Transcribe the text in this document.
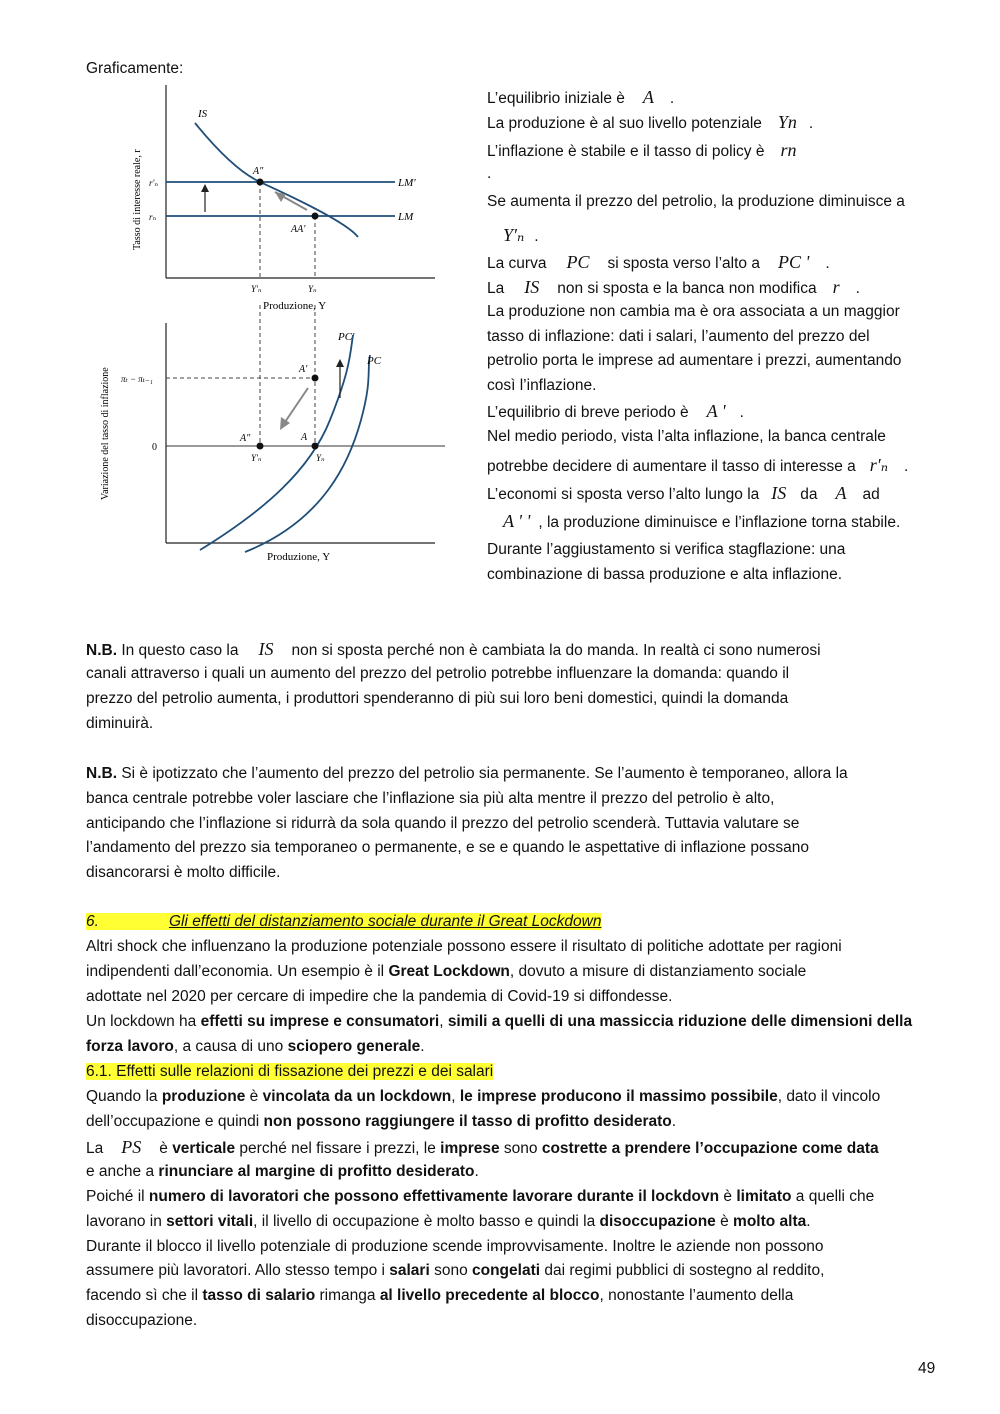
Graficamente:
Tasso di interesse reale, r	LM'
LM
IS
A"
AA'
r'ₙ
rₙ
Y'ₙ	Yₙ
Produzione, Y
Variazione del tasso di inflazione
PC'
PC
A'
A"	A
πₜ − πₜ₋₁
0
Y'ₙ	Yₙ
Produzione, Y
L’equilibrio iniziale è A .
La produzione è al suo livello potenziale Yn .
L’inflazione è stabile e il tasso di policy è rn
.
Se aumenta il prezzo del petrolio, la produzione diminuisce a
Y′ₙ .
La curva PC si sposta verso l’alto a PC ' .
La IS non si sposta e la banca non modifica r .
La produzione non cambia ma è ora associata a un maggior
tasso di inflazione: dati i salari, l’aumento del prezzo del
petrolio porta le imprese ad aumentare i prezzi, aumentando
così l’inflazione.
L’equilibrio di breve periodo è A ' .
Nel medio periodo, vista l’alta inflazione, la banca centrale
potrebbe decidere di aumentare il tasso di interesse a r′ₙ .
L’economi si sposta verso l’alto lungo la IS da A ad
A ' ' , la produzione diminuisce e l’inflazione torna stabile.
Durante l’aggiustamento si verifica stagflazione: una
combinazione di bassa produzione e alta inflazione.
N.B. In questo caso la IS non si sposta perché non è cambiata la do manda. In realtà ci sono numerosi
canali attraverso i quali un aumento del prezzo del petrolio potrebbe influenzare la domanda: quando il
prezzo del petrolio aumenta, i produttori spenderanno di più sui loro beni domestici, quindi la domanda
diminuirà.
N.B. Si è ipotizzato che l’aumento del prezzo del petrolio sia permanente. Se l’aumento è temporaneo, allora la
banca centrale potrebbe voler lasciare che l’inflazione sia più alta mentre il prezzo del petrolio è alto,
anticipando che l’inflazione si ridurrà da sola quando il prezzo del petrolio scenderà. Tuttavia valutare se
l’andamento del prezzo sia temporaneo o permanente, e se e quando le aspettative di inflazione possano
disancorarsi è molto difficile.
6.	Gli effetti del distanziamento sociale durante il Great Lockdown
Altri shock che influenzano la produzione potenziale possono essere il risultato di politiche adottate per ragioni
indipendenti dall’economia. Un esempio è il Great Lockdown, dovuto a misure di distanziamento sociale
adottate nel 2020 per cercare di impedire che la pandemia di Covid-19 si diffondesse.
Un lockdown ha effetti su imprese e consumatori, simili a quelli di una massiccia riduzione delle dimensioni della
forza lavoro, a causa di uno sciopero generale.
6.1. Effetti sulle relazioni di fissazione dei prezzi e dei salari
Quando la produzione è vincolata da un lockdown, le imprese producono il massimo possibile, dato il vincolo
dell’occupazione e quindi non possono raggiungere il tasso di profitto desiderato.
La PS è verticale perché nel fissare i prezzi, le imprese sono costrette a prendere l’occupazione come data
e anche a rinunciare al margine di profitto desiderato.
Poiché il numero di lavoratori che possono effettivamente lavorare durante il lockdovn è limitato a quelli che
lavorano in settori vitali, il livello di occupazione è molto basso e quindi la disoccupazione è molto alta.
Durante il blocco il livello potenziale di produzione scende improvvisamente. Inoltre le aziende non possono
assumere più lavoratori. Allo stesso tempo i salari sono congelati dai regimi pubblici di sostegno al reddito,
facendo sì che il tasso di salario rimanga al livello precedente al blocco, nonostante l’aumento della
disoccupazione.
49
